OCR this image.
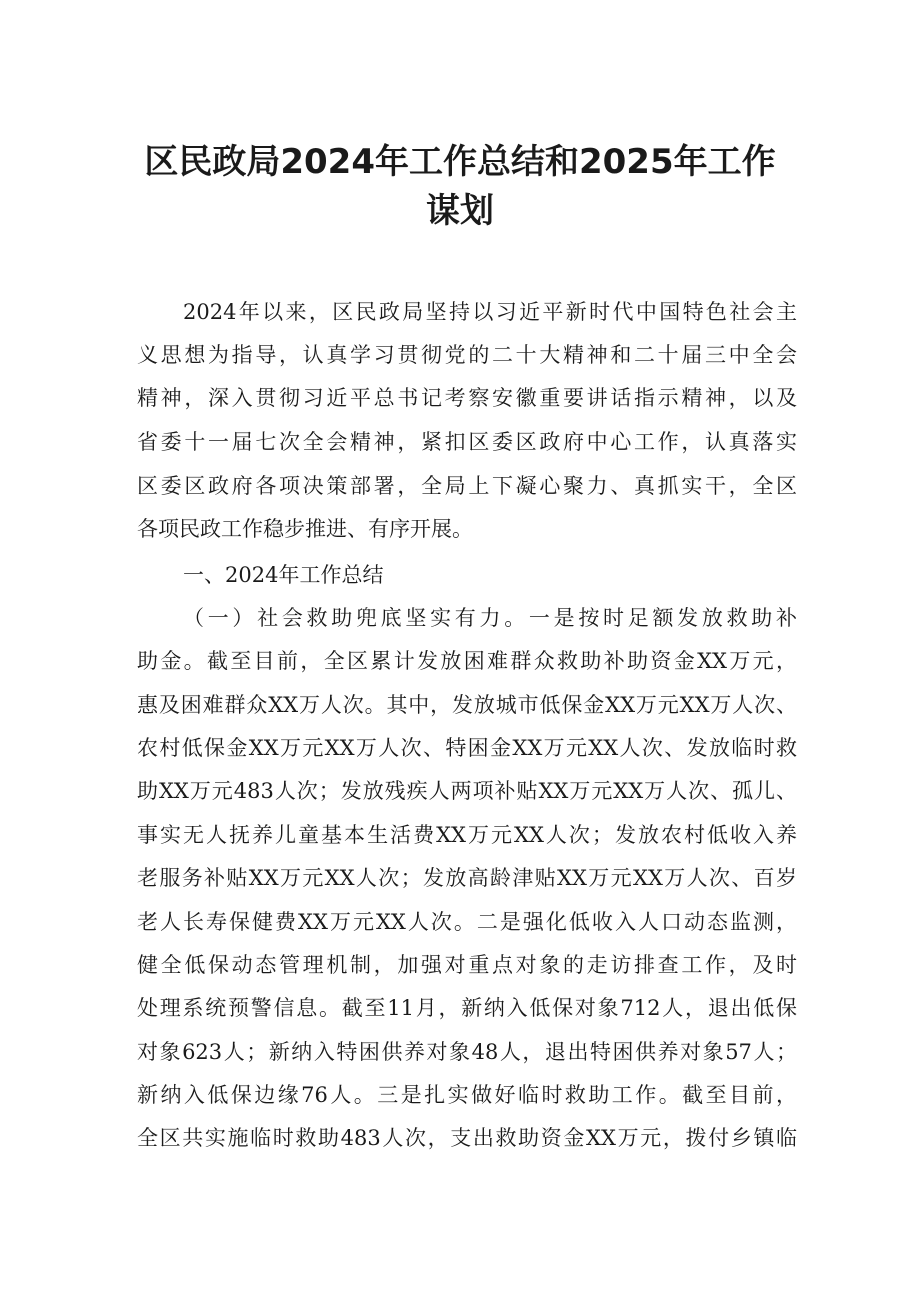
区民政局2024年工作总结和2025年工作
谋划

2024年以来，区民政局坚持以习近平新时代中国特色社会主

义思想为指导，认真学习贯彻党的二十大精神和二十届三中全会

精神，深入贯彻习近平总书记考察安徽重要讲话指示精神，以及

省委十一届七次全会精神，紧扣区委区政府中心工作，认真落实

区委区政府各项决策部署，全局上下凝心聚力、真抓实干，全区

各项民政工作稳步推进、有序开展。

一、2024年工作总结

（一）社会救助兜底坚实有力。一是按时足额发放救助补

助金。截至目前，全区累计发放困难群众救助补助资金XX万元，

惠及困难群众XX万人次。其中，发放城市低保金XX万元XX万人次、

农村低保金XX万元XX万人次、特困金XX万元XX人次、发放临时救

助XX万元483人次；发放残疾人两项补贴XX万元XX万人次、孤儿、

事实无人抚养儿童基本生活费XX万元XX人次；发放农村低收入养

老服务补贴XX万元XX人次；发放高龄津贴XX万元XX万人次、百岁

老人长寿保健费XX万元XX人次。二是强化低收入人口动态监测，

健全低保动态管理机制，加强对重点对象的走访排查工作，及时

处理系统预警信息。截至11月，新纳入低保对象712人，退出低保

对象623人；新纳入特困供养对象48人，退出特困供养对象57人；

新纳入低保边缘76人。三是扎实做好临时救助工作。截至目前，

全区共实施临时救助483人次，支出救助资金XX万元，拨付乡镇临
